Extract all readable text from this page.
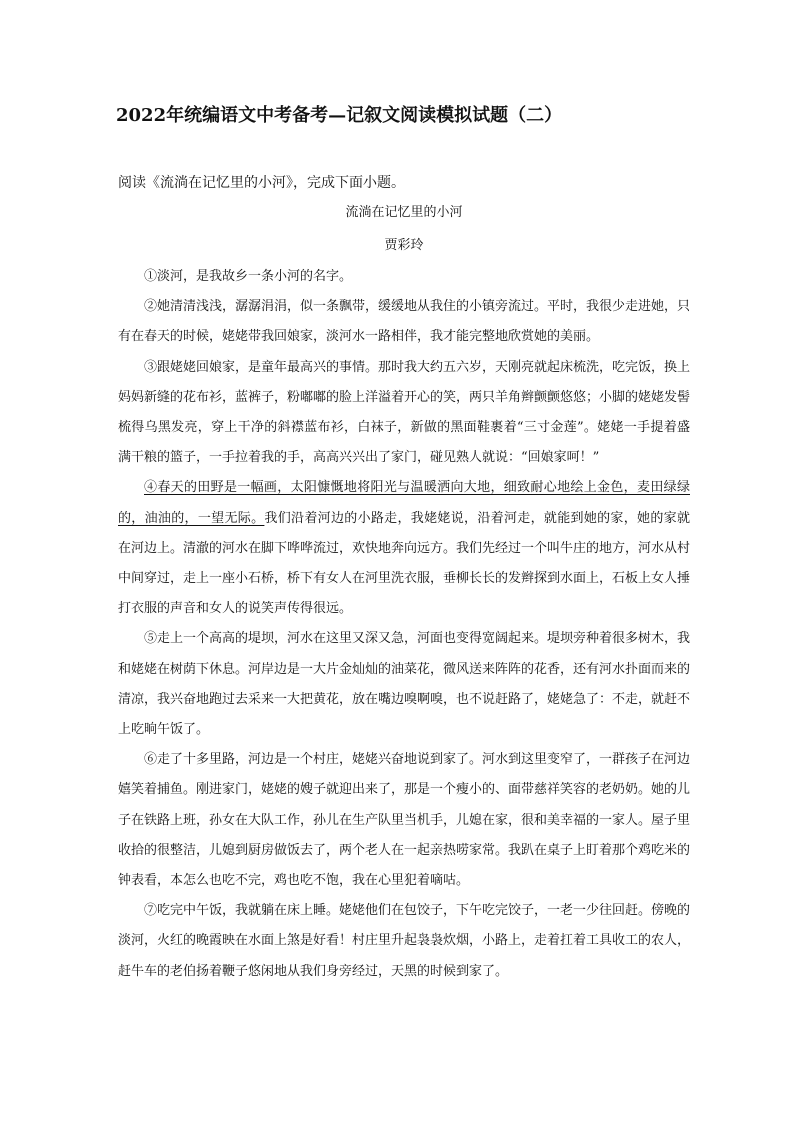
2022年统编语文中考备考—记叙文阅读模拟试题（二）
阅读《流淌在记忆里的小河》，完成下面小题。
流淌在记忆里的小河
贾彩玲

①淡河，是我故乡一条小河的名字。

②她清清浅浅，潺潺涓涓，似一条飘带，缓缓地从我住的小镇旁流过。平时，我很少走进她，只有在春天的时候，姥姥带我回娘家，淡河水一路相伴，我才能完整地欣赏她的美丽。

③跟姥姥回娘家，是童年最高兴的事情。那时我大约五六岁，天刚亮就起床梳洗，吃完饭，换上妈妈新缝的花布衫，蓝裤子，粉嘟嘟的脸上洋溢着开心的笑，两只羊角辫颤颤悠悠；小脚的姥姥发髻梳得乌黑发亮，穿上干净的斜襟蓝布衫，白袜子，新做的黑面鞋裹着“三寸金莲”。姥姥一手提着盛满干粮的篮子，一手拉着我的手，高高兴兴出了家门，碰见熟人就说：“回娘家呵！”

④春天的田野是一幅画，太阳慷慨地将阳光与温暖洒向大地，细致耐心地绘上金色，麦田绿绿的，油油的，一望无际。我们沿着河边的小路走，我姥姥说，沿着河走，就能到她的家，她的家就在河边上。清澈的河水在脚下哗哗流过，欢快地奔向远方。我们先经过一个叫牛庄的地方，河水从村中间穿过，走上一座小石桥，桥下有女人在河里洗衣服，垂柳长长的发辫探到水面上，石板上女人捶打衣服的声音和女人的说笑声传得很远。

⑤走上一个高高的堤坝，河水在这里又深又急，河面也变得宽阔起来。堤坝旁种着很多树木，我和姥姥在树荫下休息。河岸边是一大片金灿灿的油菜花，微风送来阵阵的花香，还有河水扑面而来的清凉，我兴奋地跑过去采来一大把黄花，放在嘴边嗅啊嗅，也不说赶路了，姥姥急了：不走，就赶不上吃晌午饭了。

⑥走了十多里路，河边是一个村庄，姥姥兴奋地说到家了。河水到这里变窄了，一群孩子在河边嬉笑着捕鱼。刚进家门，姥姥的嫂子就迎出来了，那是一个瘦小的、面带慈祥笑容的老奶奶。她的儿子在铁路上班，孙女在大队工作，孙儿在生产队里当机手，儿媳在家，很和美幸福的一家人。屋子里收拾的很整洁，儿媳到厨房做饭去了，两个老人在一起亲热唠家常。我趴在桌子上盯着那个鸡吃米的钟表看，本怎么也吃不完，鸡也吃不饱，我在心里犯着嘀咕。

⑦吃完中午饭，我就躺在床上睡。姥姥他们在包饺子，下午吃完饺子，一老一少往回赶。傍晚的淡河，火红的晚霞映在水面上煞是好看！村庄里升起袅袅炊烟，小路上，走着扛着工具收工的农人，赶牛车的老伯扬着鞭子悠闲地从我们身旁经过，天黑的时候到家了。
